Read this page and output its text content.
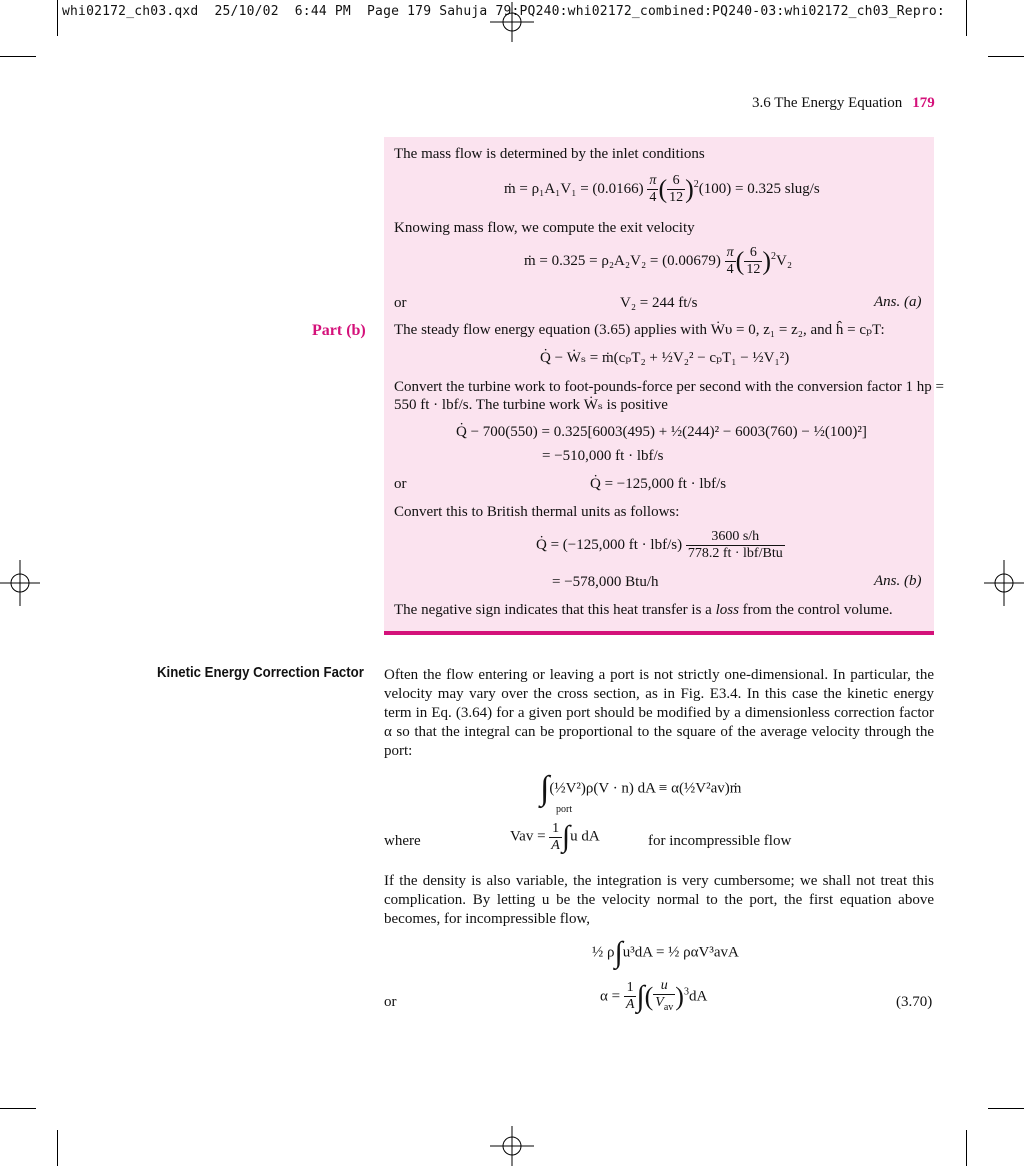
whi02172_ch03.qxd  25/10/02  6:44 PM  Page 179 Sahuja 79:PQ240:whi02172_combined:PQ240-03:whi02172_ch03_Repro:
3.6 The Energy Equation 179
Part (b)
The mass flow is determined by the inlet conditions
ṁ = $\rho_1A_1V_1 = (0.0166) \frac{\pi}{4}$ ( $\frac{6}{12} )^2(100) = 0.325$ slug/s
Knowing mass flow, we compute the exit velocity
ṁ = $0.325 = \rho_2A_2V_2 = (0.00679) \frac{\pi}{4}$ ( $\frac{6}{12} )^2V_2$
or	V₂ = 244 ft/s	Ans. (a)
The steady flow energy equation (3.65) applies with Ẇυ = 0, z₁ = z₂, and ĥ = cₚT:
Q̇ − Ẇₛ = ṁ(cₚT₂ + ½V₂² − cₚT₁ − ½V₁²)
Convert the turbine work to foot-pounds-force per second with the conversion factor 1 hp =
550 ft · lbf/s. The turbine work Ẇₛ is positive
Q̇ − 700(550) = 0.325[6003(495) + ½(244)² − 6003(760) − ½(100)²]
= −510,000 ft · lbf/s
or	Q̇ = −125,000 ft · lbf/s
Convert this to British thermal units as follows:
Q̇ = (−125,000 ft · $lbf/s) \frac{3600 s/h}{\text{778.2 ft · lbf/Btu}}$
= −578,000 Btu/h	Ans. (b)
The negative sign indicates that this heat transfer is a loss from the control volume.
Kinetic Energy Correction Factor Often the flow entering or leaving a port is not strictly one-dimensional. In particular, the velocity may vary over the cross section, as in Fig. E3.4. In this case the kinetic energy term in Eq. (3.64) for a given port should be modified by a dimensionless correction factor α so that the integral can be proportional to the square of the average velocity through the port:
∫(½V²)ρ(V · n) dA ≡ α(½V²av)ṁ
port
where	Vav = $\frac{1}{A} \int u$ dA	for incompressible flow
If the density is also variable, the integration is very cumbersome; we shall not treat this complication. By letting u be the velocity normal to the port, the first equation above becomes, for incompressible flow,
½ ρ∫u³dA = ½ ραV³avA
or	$\alpha = \frac{1}{A}$ ∫( $\frac{u}{V_{av}} )^3dA$	(3.70)
